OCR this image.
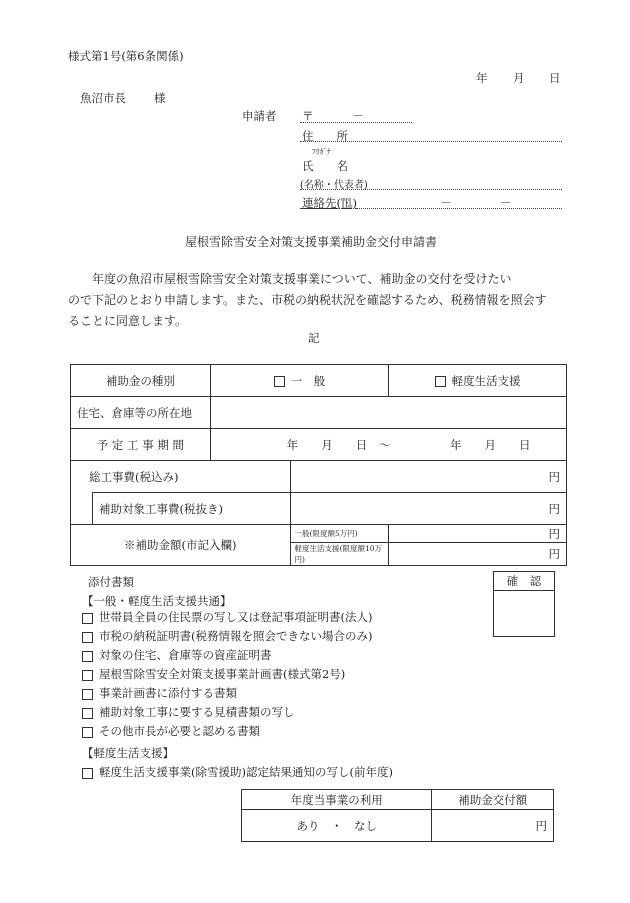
様式第1号(第6条関係)
年 月 日
魚沼市長 様
申請者 〒	－
住　　所
ﾌﾘｶﾞﾅ
氏　　名
(名称・代表者)
連絡先(℡)	－	－
屋根雪除雪安全対策支援事業補助金交付申請書
　　年度の魚沼市屋根雪除雪安全対策支援事業について、補助金の交付を受けたい
ので下記のとおり申請します。また、市税の納税状況を確認するため、税務情報を照会す
ることに同意します。
記
補助金の種別		一　般		軽度生活支援
住宅、倉庫等の所在地				
予 定 工 事 期 間		年　　月　　日 ～ 年　　月　　日		
総工事費(税込み)			円	
	補助対象工事費(税抜き)		円	
※補助金額(市記入欄)			一般(限度額5万円)	円
			軽度生活支援(限度額10万円)	円
添付書類
【一般・軽度生活支援共通】
世帯員全員の住民票の写し又は登記事項証明書(法人)
市税の納税証明書(税務情報を照会できない場合のみ)
対象の住宅、倉庫等の資産証明書
屋根雪除雪安全対策支援事業計画書(様式第2号)
事業計画書に添付する書類
補助対象工事に要する見積書類の写し
その他市長が必要と認める書類
【軽度生活支援】
軽度生活支援事業(除雪援助)認定結果通知の写し(前年度)
確　認
年度当事業の利用	補助金交付額
あり　・　なし	円
